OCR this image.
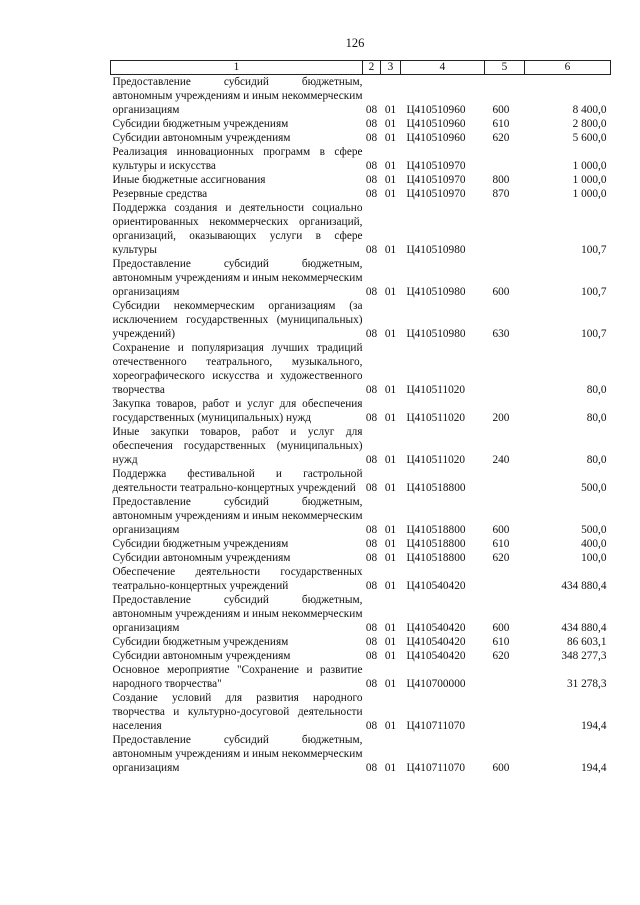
126
1	2	3	4	5	6
Предоставление субсидий бюджетным, автономным учреждениям и иным некоммерческим организациям	08	01	Ц410510960	600	8 400,0
Субсидии бюджетным учреждениям	08	01	Ц410510960	610	2 800,0
Субсидии автономным учреждениям	08	01	Ц410510960	620	5 600,0
Реализация инновационных программ в сфере культуры и искусства	08	01	Ц410510970		1 000,0
Иные бюджетные ассигнования	08	01	Ц410510970	800	1 000,0
Резервные средства	08	01	Ц410510970	870	1 000,0
Поддержка создания и деятельности социально ориентированных некоммерческих организаций, организаций, оказывающих услуги в сфере культуры	08	01	Ц410510980		100,7
Предоставление субсидий бюджетным, автономным учреждениям и иным некоммерческим организациям	08	01	Ц410510980	600	100,7
Субсидии некоммерческим организациям (за исключением государственных (муниципальных) учреждений)	08	01	Ц410510980	630	100,7
Сохранение и популяризация лучших традиций отечественного театрального, музыкального, хореографического искусства и художественного творчества	08	01	Ц410511020		80,0
Закупка товаров, работ и услуг для обеспечения государственных (муниципальных) нужд	08	01	Ц410511020	200	80,0
Иные закупки товаров, работ и услуг для обеспечения государственных (муниципальных) нужд	08	01	Ц410511020	240	80,0
Поддержка фестивальной и гастрольной деятельности театрально-концертных учреждений	08	01	Ц410518800		500,0
Предоставление субсидий бюджетным, автономным учреждениям и иным некоммерческим организациям	08	01	Ц410518800	600	500,0
Субсидии бюджетным учреждениям	08	01	Ц410518800	610	400,0
Субсидии автономным учреждениям	08	01	Ц410518800	620	100,0
Обеспечение деятельности государственных театрально-концертных учреждений	08	01	Ц410540420		434 880,4
Предоставление субсидий бюджетным, автономным учреждениям и иным некоммерческим организациям	08	01	Ц410540420	600	434 880,4
Субсидии бюджетным учреждениям	08	01	Ц410540420	610	86 603,1
Субсидии автономным учреждениям	08	01	Ц410540420	620	348 277,3
Основное мероприятие "Сохранение и развитие народного творчества"	08	01	Ц410700000		31 278,3
Создание условий для развития народного творчества и культурно-досуговой деятельности населения	08	01	Ц410711070		194,4
Предоставление субсидий бюджетным, автономным учреждениям и иным некоммерческим организациям	08	01	Ц410711070	600	194,4
